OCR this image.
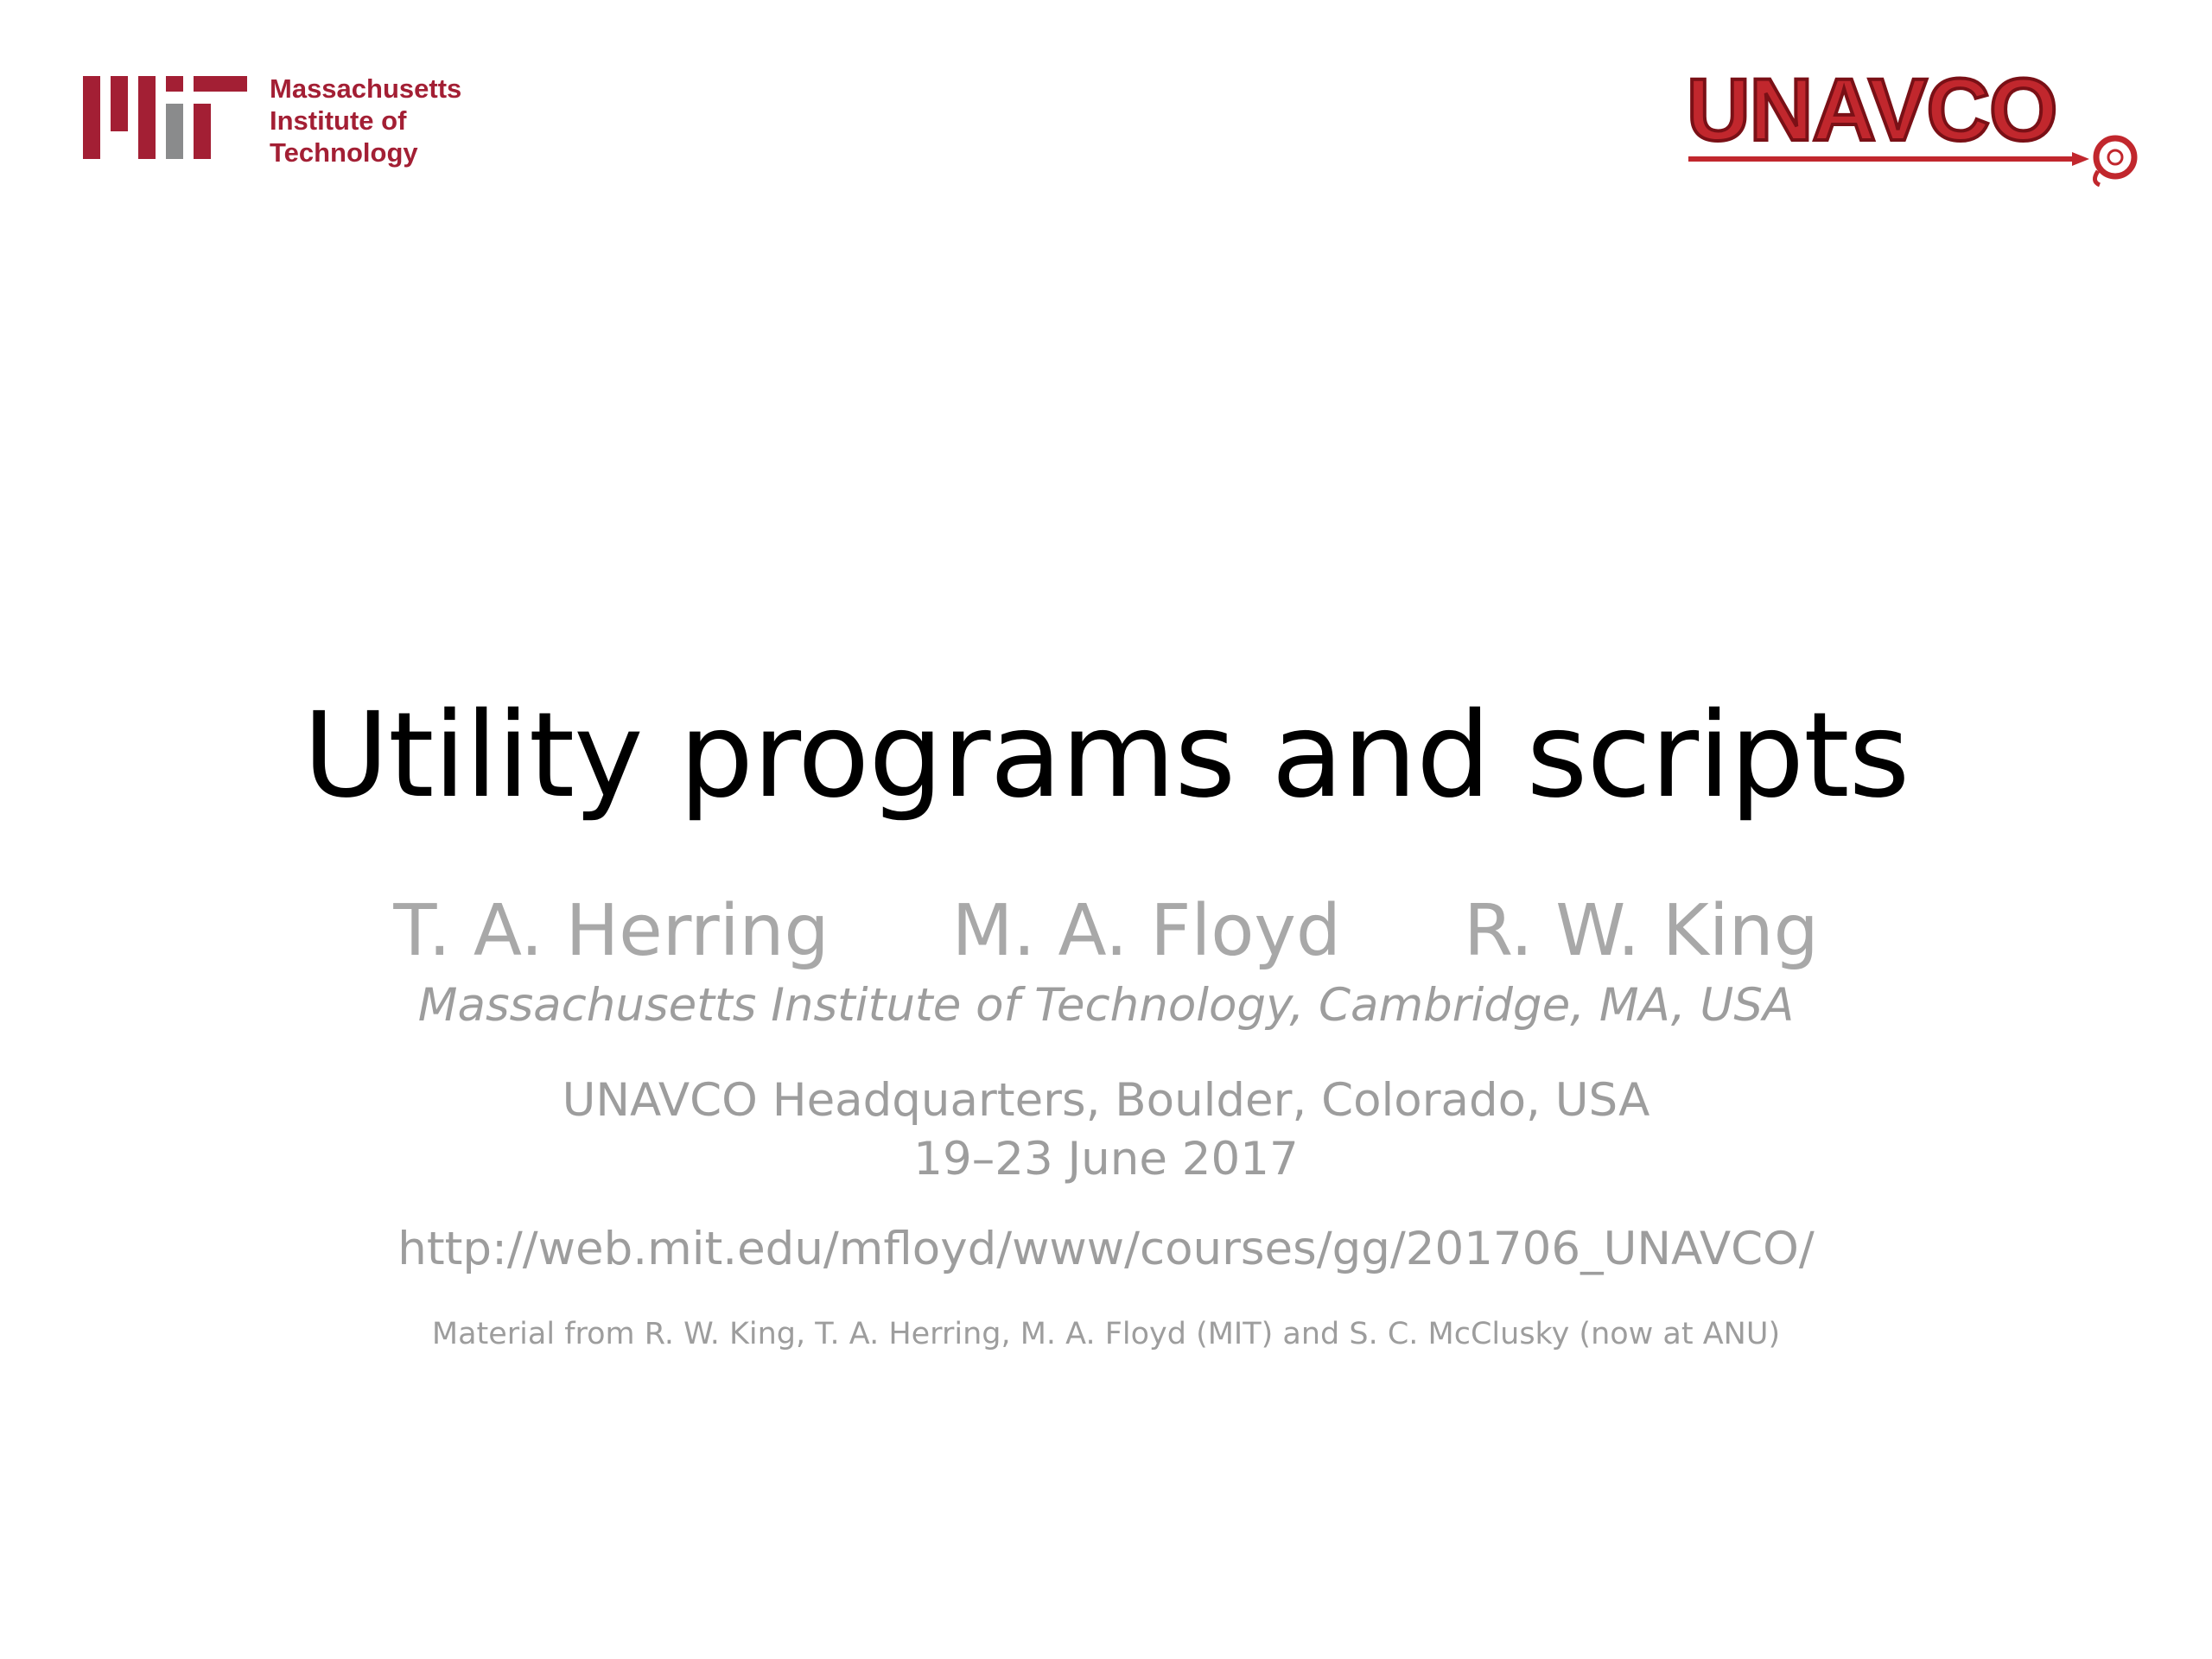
Massachusetts
Institute of
Technology	UNAVCO
Utility programs and scripts
T. A. Herring M. A. Floyd R. W. King
Massachusetts Institute of Technology, Cambridge, MA, USA
UNAVCO Headquarters, Boulder, Colorado, USA
19–23 June 2017
http://web.mit.edu/mfloyd/www/courses/gg/201706_UNAVCO/
Material from R. W. King, T. A. Herring, M. A. Floyd (MIT) and S. C. McClusky (now at ANU)
